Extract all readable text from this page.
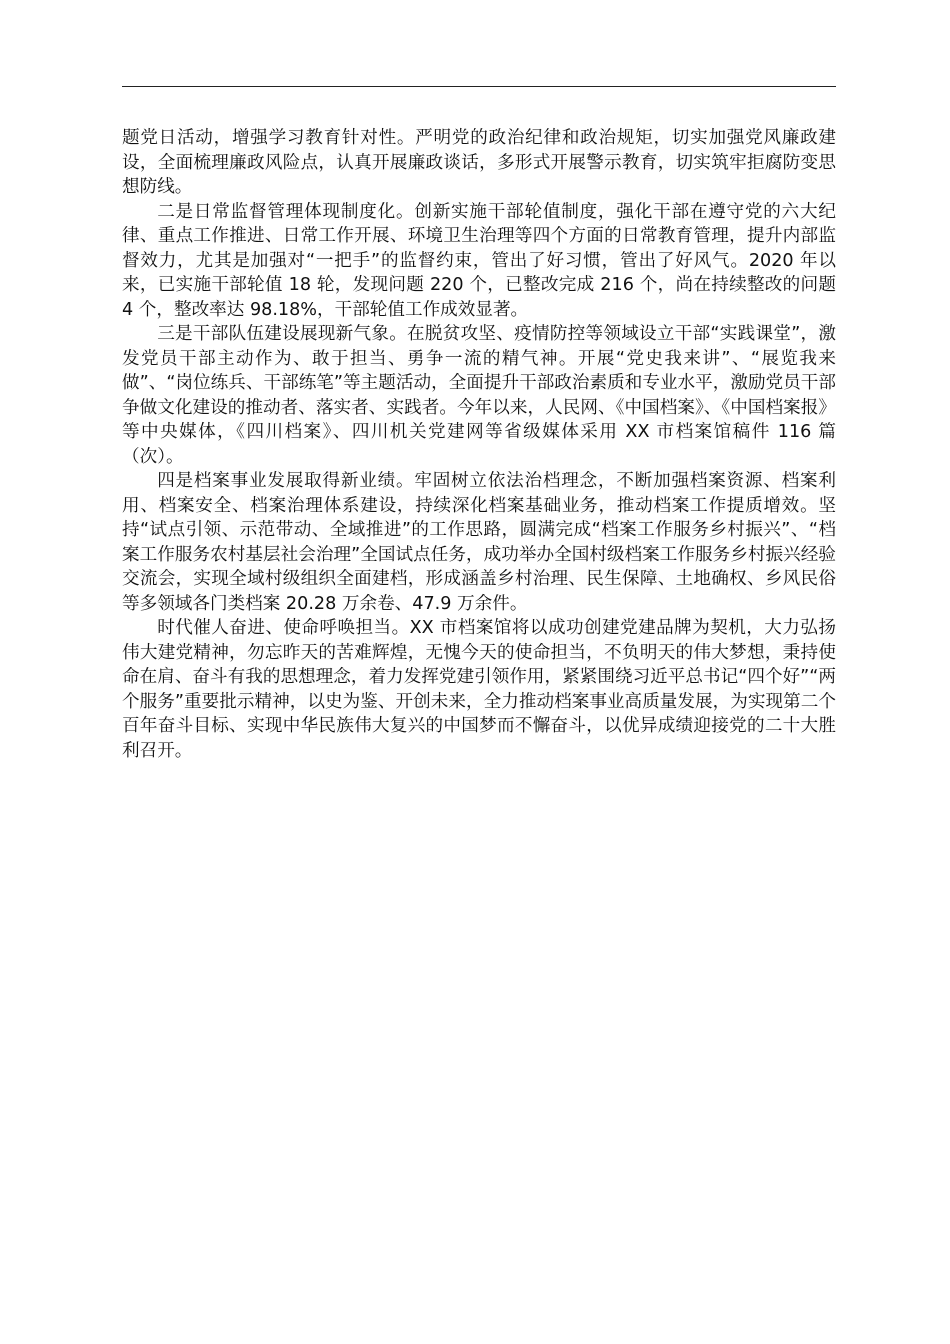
题党日活动，增强学习教育针对性。严明党的政治纪律和政治规矩，切实加强党风廉政建设，全面梳理廉政风险点，认真开展廉政谈话，多形式开展警示教育，切实筑牢拒腐防变思想防线。

二是日常监督管理体现制度化。创新实施干部轮值制度，强化干部在遵守党的六大纪律、重点工作推进、日常工作开展、环境卫生治理等四个方面的日常教育管理，提升内部监督效力，尤其是加强对“一把手”的监督约束，管出了好习惯，管出了好风气。2020 年以来，已实施干部轮值 18 轮，发现问题 220 个，已整改完成 216 个，尚在持续整改的问题 4 个，整改率达 98.18%，干部轮值工作成效显著。

三是干部队伍建设展现新气象。在脱贫攻坚、疫情防控等领域设立干部“实践课堂”，激发党员干部主动作为、敢于担当、勇争一流的精气神。开展“党史我来讲”、“展览我来做”、“岗位练兵、干部练笔”等主题活动，全面提升干部政治素质和专业水平，激励党员干部争做文化建设的推动者、落实者、实践者。今年以来，人民网、《中国档案》、《中国档案报》等中央媒体，《四川档案》、四川机关党建网等省级媒体采用 XX 市档案馆稿件 116 篇（次）。

四是档案事业发展取得新业绩。牢固树立依法治档理念，不断加强档案资源、档案利用、档案安全、档案治理体系建设，持续深化档案基础业务，推动档案工作提质增效。坚持“试点引领、示范带动、全域推进”的工作思路，圆满完成“档案工作服务乡村振兴”、“档案工作服务农村基层社会治理”全国试点任务，成功举办全国村级档案工作服务乡村振兴经验交流会，实现全域村级组织全面建档，形成涵盖乡村治理、民生保障、土地确权、乡风民俗等多领域各门类档案 20.28 万余卷、47.9 万余件。

时代催人奋进、使命呼唤担当。XX 市档案馆将以成功创建党建品牌为契机，大力弘扬伟大建党精神，勿忘昨天的苦难辉煌，无愧今天的使命担当，不负明天的伟大梦想，秉持使命在肩、奋斗有我的思想理念，着力发挥党建引领作用，紧紧围绕习近平总书记“四个好”“两个服务”重要批示精神，以史为鉴、开创未来，全力推动档案事业高质量发展，为实现第二个百年奋斗目标、实现中华民族伟大复兴的中国梦而不懈奋斗，以优异成绩迎接党的二十大胜利召开。
